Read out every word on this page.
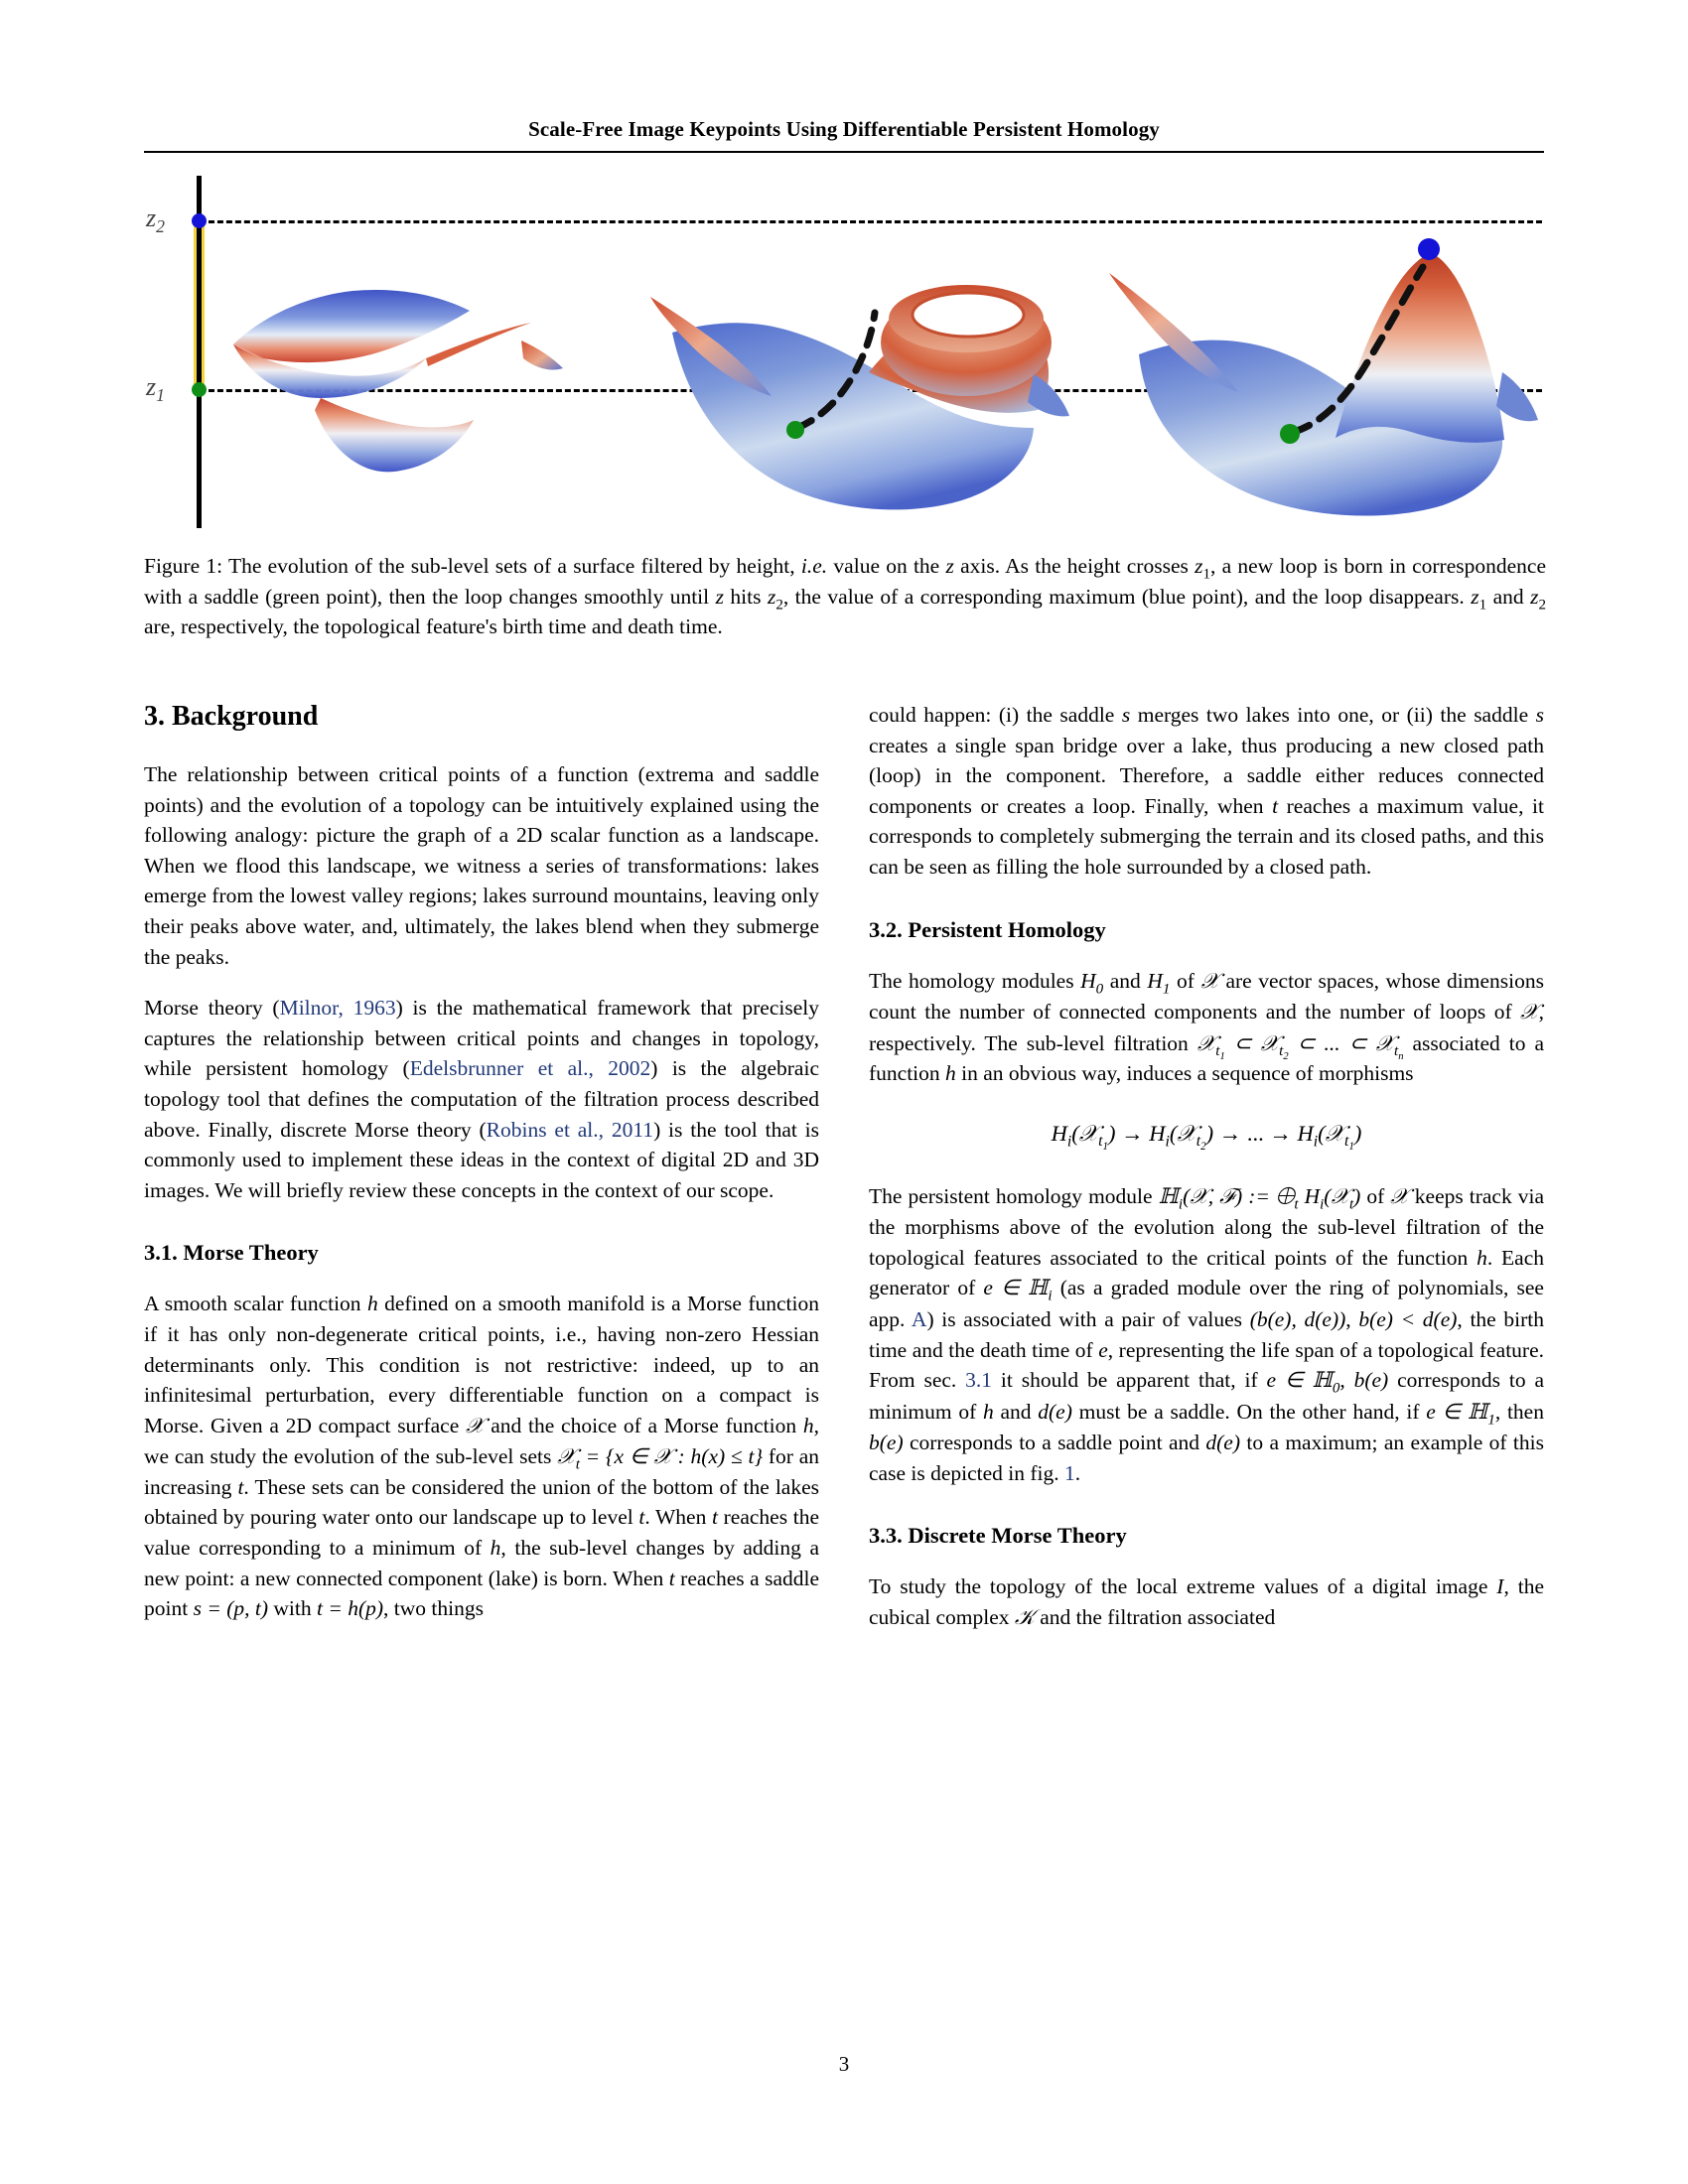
Scale-Free Image Keypoints Using Differentiable Persistent Homology
$z_2$
$z_1$
Figure 1: The evolution of the sub-level sets of a surface filtered by height, i.e. value on the z axis. As the height crosses $z_1$, a new loop is born in correspondence with a saddle (green point), then the loop changes smoothly until z hits $z_2$, the value of a corresponding maximum (blue point), and the loop disappears. $z_1$ and $z_2$ are, respectively, the topological feature's birth time and death time.
3. Background

The relationship between critical points of a function (extrema and saddle points) and the evolution of a topology can be intuitively explained using the following analogy: picture the graph of a 2D scalar function as a landscape. When we flood this landscape, we witness a series of transformations: lakes emerge from the lowest valley regions; lakes surround mountains, leaving only their peaks above water, and, ultimately, the lakes blend when they submerge the peaks.

Morse theory (Milnor, 1963) is the mathematical framework that precisely captures the relationship between critical points and changes in topology, while persistent homology (Edelsbrunner et al., 2002) is the algebraic topology tool that defines the computation of the filtration process described above. Finally, discrete Morse theory (Robins et al., 2011) is the tool that is commonly used to implement these ideas in the context of digital 2D and 3D images. We will briefly review these concepts in the context of our scope.

3.1. Morse Theory

A smooth scalar function h defined on a smooth manifold is a Morse function if it has only non-degenerate critical points, i.e., having non-zero Hessian determinants only. This condition is not restrictive: indeed, up to an infinitesimal perturbation, every differentiable function on a compact is Morse. Given a 2D compact surface 𝒳 and the choice of a Morse function h, we can study the evolution of the sub-level sets 𝒳$_t$ = {x ∈ 𝒳 : h(x) ≤ t} for an increasing t. These sets can be considered the union of the bottom of the lakes obtained by pouring water onto our landscape up to level t. When t reaches the value corresponding to a minimum of h, the sub-level changes by adding a new point: a new connected component (lake) is born. When t reaches a saddle point s = (p, t) with t = h(p), two things

could happen: (i) the saddle s merges two lakes into one, or (ii) the saddle s creates a single span bridge over a lake, thus producing a new closed path (loop) in the component. Therefore, a saddle either reduces connected components or creates a loop. Finally, when t reaches a maximum value, it corresponds to completely submerging the terrain and its closed paths, and this can be seen as filling the hole surrounded by a closed path.

3.2. Persistent Homology

The homology modules $H_0$ and $H_1$ of 𝒳 are vector spaces, whose dimensions count the number of connected components and the number of loops of 𝒳, respectively. The sub-level filtration 𝒳$_{t_1}$ ⊂ 𝒳$_{t_2}$ ⊂ ... ⊂ 𝒳$_{t_n}$ associated to a function h in an obvious way, induces a sequence of morphisms

$H_i(𝒳_{t_1})$ → $H_i(𝒳_{t_2})$ → ... → $H_i(𝒳_{t_1})$

The persistent homology module ℍ$_i$(𝒳, ℱ) := $⨁_t$ $H_i(𝒳_t)$ of 𝒳 keeps track via the morphisms above of the evolution along the sub-level filtration of the topological features associated to the critical points of the function h. Each generator of e ∈ ℍ$_i$ (as a graded module over the ring of polynomials, see app. A) is associated with a pair of values (b(e), d(e)), b(e) < d(e), the birth time and the death time of e, representing the life span of a topological feature. From sec. 3.1 it should be apparent that, if e ∈ ℍ$_0$, b(e) corresponds to a minimum of h and d(e) must be a saddle. On the other hand, if e ∈ ℍ$_1$, then b(e) corresponds to a saddle point and d(e) to a maximum; an example of this case is depicted in fig. 1.

3.3. Discrete Morse Theory

To study the topology of the local extreme values of a digital image I, the cubical complex 𝒦 and the filtration associated

3
